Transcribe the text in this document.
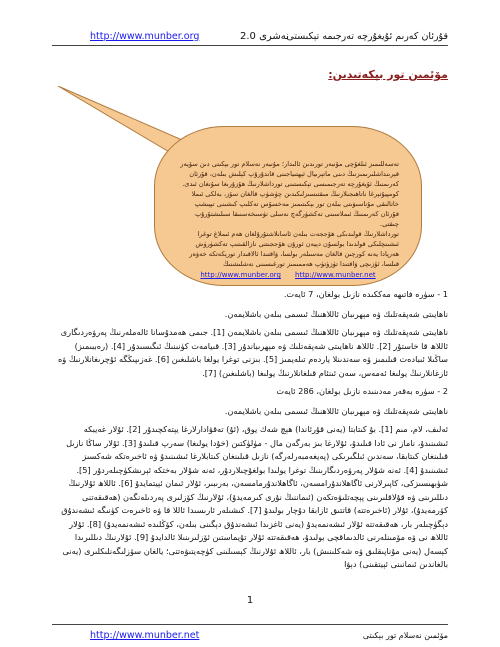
http://www.munber.org	نەشرى 2.0
قۇرئان كەرىم ئۇيغۇرچە تەرجىمە تېكىستى
مۆئمىن تور بېكەتىدىن:

تەسەللىمىز ئىلغۇچى مۇنبەر تورىدىن ئالىدار؛ مۇنبەر نەسلام تور بېكىتى دىن سۆيەر قېرىنداشلىرىمىزنىڭ دىنى ماتېرىيال ئېھتىياجىنى قاندۇرۇپ كېلىش بىلەن، قۇرئان كەرىمنىڭ ئۇيغۇرچە تەرجىمىسى تېكىستىنى تورداشلارنىڭ ھۇزۇرىغا سۇنغان ئىدى. كومپيۇتېرغا ناتاھىجىلارنىڭ مىقتىسىزلىكىدىن چۈشۈپ قالغان سۆز، بەلكى ئىملا خاتالىقى مۇناسىۋىتى بىلەن تور بېكىتىمىز مەخسۇس تەكلىپ كىشىنى تېپىشپ قۇرئان كەرىمنىڭ ئىملاسىنى تەكشۈرگەچ نەسلى تۈسىخەسنىقا سىلىشتۇرۇپ چىقتى.

تورداشلارنىڭ قولىدىكى ھۆججەت بىلەن ئاسانلاشتۇرۇلغان ھەم ئىملاغ توغرا ئىشىنچلىكى قولدىدا بولسۇن دېيەن ئورۇن ھۆججىتنى نازالقىتىپ تەكشۈرۈش ھەرپادا يەنە كورچىن قالغان مەسىلەر بولسا، ۋاقتىدا ئالاقىدار تورېكەتكە خەۋەر قىلسا، ئۆزىچى ۋاقتىدا تۈزۈتۈپ ھەممىمىز تورغىسىنى نەشلىشنىڭ

http://www.munber.org http://www.munber.net

1 - سۈرە فاتىھە مەككىدە نازىل بولغان، 7 ئايەت.

ناھايىتى شەپقەتلىك ۋە مېھرىبان ئاللاھنىڭ ئىسمى بىلەن باشلايمەن.

ناھايىتى شەپقەتلىك ۋە مېھرىبان ئاللاھنىڭ ئىسمى بىلەن باشلايمەن [1]. جىمى ھەمدۇسانا ئالەملەرنىڭ پەرۋەردىگارى ئاللاھ قا خاستۇر [2]. ئاللاھ ناھايىتى شەپقەتلىك ۋە مېھرىباندۇر [3]. قىيامەت كۈنىنىڭ ئىگىسىدۇر [4]. (رەببىمىز) ساڭىلا ئىبادەت قىلىمىز ۋە سەندىنلا ياردەم تىلەيمىز [5]. بىزنى توغرا يولغا باشلىغىن [6]. غەزىپىڭگە ئۇچرىغانلارنىڭ ۋە ئازغانلارنىڭ يولىغا ئەمەس، سەن ئىنئام قىلغانلارنىڭ يولىغا (باشلىغىن) [7].

2 - سۈرە بەقەر مەدىنىدە نازىل بولغان، 286 ئايەت

ناھايىتى شەپقەتلىك ۋە مېھرىبان ئاللاھنىڭ ئىسمى بىلەن باشلايمەن.

ئەلىف، لام، مىم [1]. بۇ كىتابتا (يەنى قۇرئاندا) ھېچ شەك يوق، (ئۇ) تەقۋادارلارغا يېتەكچىدۇر [2]. ئۇلار غەيبكە ئىشىنىدۇ، ناماز نى ئادا قىلىدۇ، ئۇلارغا بىز بەرگەن مال - مۈلۈكتىن (خۇدا يولىغا) سەرپ قىلىدۇ [3]. ئۇلار ساڭا نازىل قىلىنغان كىتابقا، سەندىن ئىلگىرىكى (پەيغەمبەرلەرگە) نازىل قىلىنغان كىتابلارغا ئىشىنىدۇ ۋە ئاخىرەتكە شەكسىز ئىشىنىدۇ [4]. ئەنە شۇلار پەرۋەردىگارىنىڭ توغرا يولىدا بولغۇچىلاردۇر، ئەنە شۇلار بەختكە ئېرىشكۈچىلەردۇر [5]. شۈبھىسىزكى، كاپىرلارنى ئاگاھلاندۇرامسەن، ئاگاھلاندۇرمامسەن، بەرىبىر، ئۇلار ئىمان ئېيتمايدۇ [6]. ئاللاھ ئۇلارنىڭ دىللىرىنى ۋە قۇلاقلىرىنى پېچەتلىۋەتكەن (ئىماننىڭ نۇرى كىرمەيدۇ)، ئۇلارنىڭ كۆزلىرى پەردىلەنگەن (ھەقىقەتنى كۆرمەيدۇ)، ئۇلار (ئاخىرەتتە) قاتتىق ئازابقا دۇچار بولىدۇ [7]. كىشىلەر ئارىسىدا ئاللا قا ۋە ئاخىرەت كۈنىگە ئىشەندۇق دېگۈچىلەر بار، ھەقىقەتتە ئۇلار ئىشەنمەيدۇ (يەنى ئاغزىدا ئىشەندۇق دېگىنى بىلەن، كۆڭلىدە ئىشەنمەيدۇ) [8]. ئۇلار ئاللاھ نى ۋە مۆمىنلەرنى ئالدىماقچى بولىدۇ، ھەقىقەتتە ئۇلار تۇيماستىن ئۆزلىرىنىلا ئالدايدۇ [9]. ئۇلارنىڭ دىللىرىدا كېسەل (يەنى مۇناپىقلىق ۋە شەكلىنىش) بار، ئاللاھ ئۇلارنىڭ كېسىلىنى كۈچەيتىۋەتتى؛ يالغان سۆزلىگەنلىكلىرى (يەنى بالغاندىن ئىمانىنى ئېيتقىنى) دېۋا

1
http://www.munber.net	مۆئمىن نەسلام تور بېكىتى
